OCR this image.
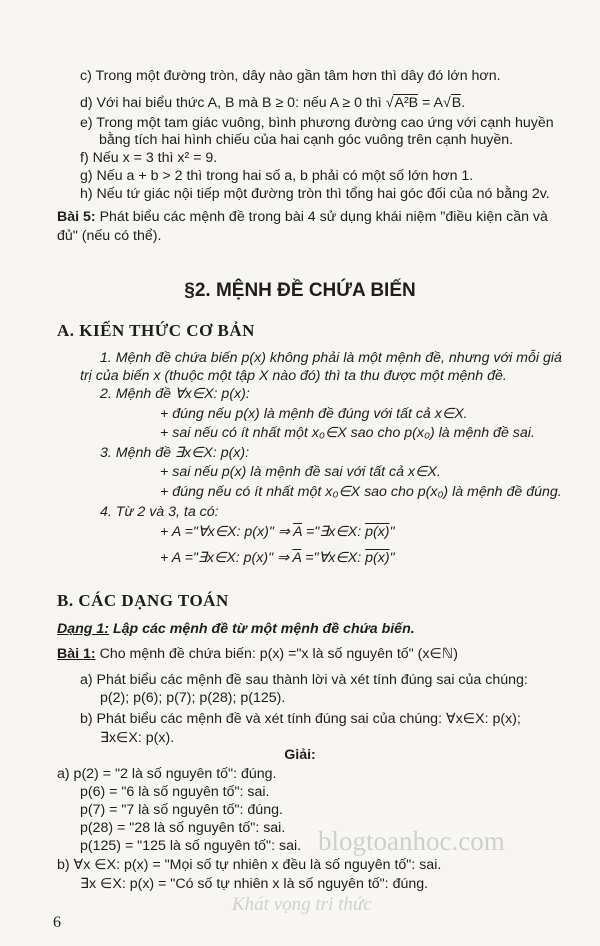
c) Trong một đường tròn, dây nào gần tâm hơn thì dây đó lớn hơn.
d) Với hai biểu thức A, B mà B ≥ 0: nếu A ≥ 0 thì √A²B = A√B.
e) Trong một tam giác vuông, bình phương đường cao ứng với cạnh huyền
bằng tích hai hình chiếu của hai cạnh góc vuông trên cạnh huyền.
f) Nếu x = 3 thì x² = 9.
g) Nếu a + b > 2 thì trong hai số a, b phải có một số lớn hơn 1.
h) Nếu tứ giác nội tiếp một đường tròn thì tổng hai góc đối của nó bằng 2v.
Bài 5: Phát biểu các mệnh đề trong bài 4 sử dụng khái niệm "điều kiện cần và
đủ" (nếu có thể).
§2. MỆNH ĐỀ CHỨA BIẾN
A. KIẾN THỨC CƠ BẢN
1. Mệnh đề chứa biến p(x) không phải là một mệnh đề, nhưng với mỗi giá
trị của biến x (thuộc một tập X nào đó) thì ta thu được một mệnh đề.
2. Mệnh đề ∀x∈X: p(x):
+ đúng nếu p(x) là mệnh đề đúng với tất cả x∈X.
+ sai nếu có ít nhất một x₀∈X sao cho p(x₀) là mệnh đề sai.
3. Mệnh đề ∃x∈X: p(x):
+ sai nếu p(x) là mệnh đề sai với tất cả x∈X.
+ đúng nếu có ít nhất một x₀∈X sao cho p(x₀) là mệnh đề đúng.
4. Từ 2 và 3, ta có:
+ A ="∀x∈X: p(x)" ⇒ $\overline{A}$ ="∃x∈X: p(x)"
+ A ="∃x∈X: p(x)" ⇒ $\overline{A}$ ="∀x∈X: p(x)"
B. CÁC DẠNG TOÁN
Dạng 1: Lập các mệnh đề từ một mệnh đề chứa biến.
Bài 1: Cho mệnh đề chứa biến: p(x) ="x là số nguyên tố" (x∈ℕ)
a) Phát biểu các mệnh đề sau thành lời và xét tính đúng sai của chúng:
p(2); p(6); p(7); p(28); p(125).
b) Phát biểu các mệnh đề và xét tính đúng sai của chúng: ∀x∈X: p(x);
∃x∈X: p(x).
Giải:
a) p(2) = "2 là số nguyên tố": đúng.
p(6) = "6 là số nguyên tố": sai.
p(7) = "7 là số nguyên tố": đúng.
p(28) = "28 là số nguyên tố": sai.
p(125) = "125 là số nguyên tố": sai.
b) ∀x ∈X: p(x) = "Mọi số tự nhiên x đều là số nguyên tố": sai.
∃x ∈X: p(x) = "Có số tự nhiên x là số nguyên tố": đúng.
blogtoanhoc.com
Khát vọng tri thức
6
